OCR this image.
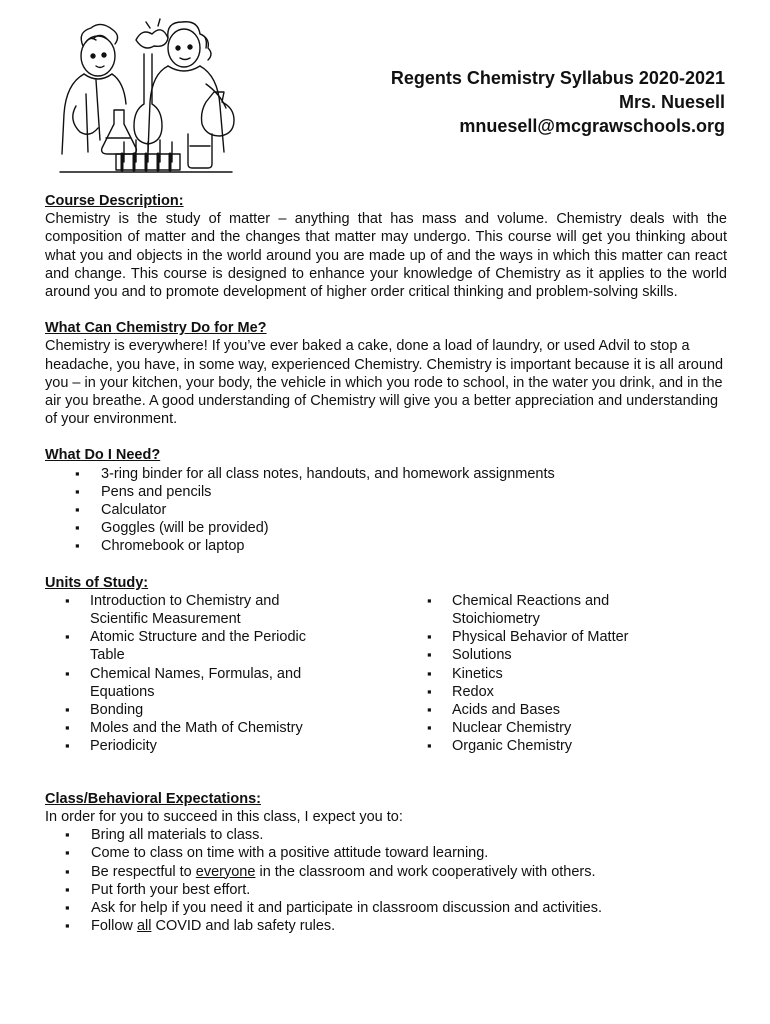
Regents Chemistry Syllabus 2020-2021
Mrs. Nuesell
mnuesell@mcgrawschools.org
Course Description:
Chemistry is the study of matter – anything that has mass and volume. Chemistry deals with the composition of matter and the changes that matter may undergo. This course will get you thinking about what you and objects in the world around you are made up of and the ways in which this matter can react and change. This course is designed to enhance your knowledge of Chemistry as it applies to the world around you and to promote development of higher order critical thinking and problem-solving skills.
What Can Chemistry Do for Me?
Chemistry is everywhere! If you’ve ever baked a cake, done a load of laundry, or used Advil to stop a headache, you have, in some way, experienced Chemistry. Chemistry is important because it is all around you – in your kitchen, your body, the vehicle in which you rode to school, in the water you drink, and in the air you breathe. A good understanding of Chemistry will give you a better appreciation and understanding of your environment.
What Do I Need?
▪ 3-ring binder for all class notes, handouts, and homework assignments
▪ Pens and pencils
▪ Calculator
▪ Goggles (will be provided)
▪ Chromebook or laptop
Units of Study:
▪ Introduction to Chemistry and Scientific Measurement
▪ Atomic Structure and the Periodic Table
▪ Chemical Names, Formulas, and Equations
▪ Bonding
▪ Moles and the Math of Chemistry
▪ Periodicity
▪ Chemical Reactions and Stoichiometry
▪ Physical Behavior of Matter
▪ Solutions
▪ Kinetics
▪ Redox
▪ Acids and Bases
▪ Nuclear Chemistry
▪ Organic Chemistry
Class/Behavioral Expectations:
In order for you to succeed in this class, I expect you to:
▪ Bring all materials to class.
▪ Come to class on time with a positive attitude toward learning.
▪ Be respectful to everyone in the classroom and work cooperatively with others.
▪ Put forth your best effort.
▪ Ask for help if you need it and participate in classroom discussion and activities.
▪ Follow all COVID and lab safety rules.
